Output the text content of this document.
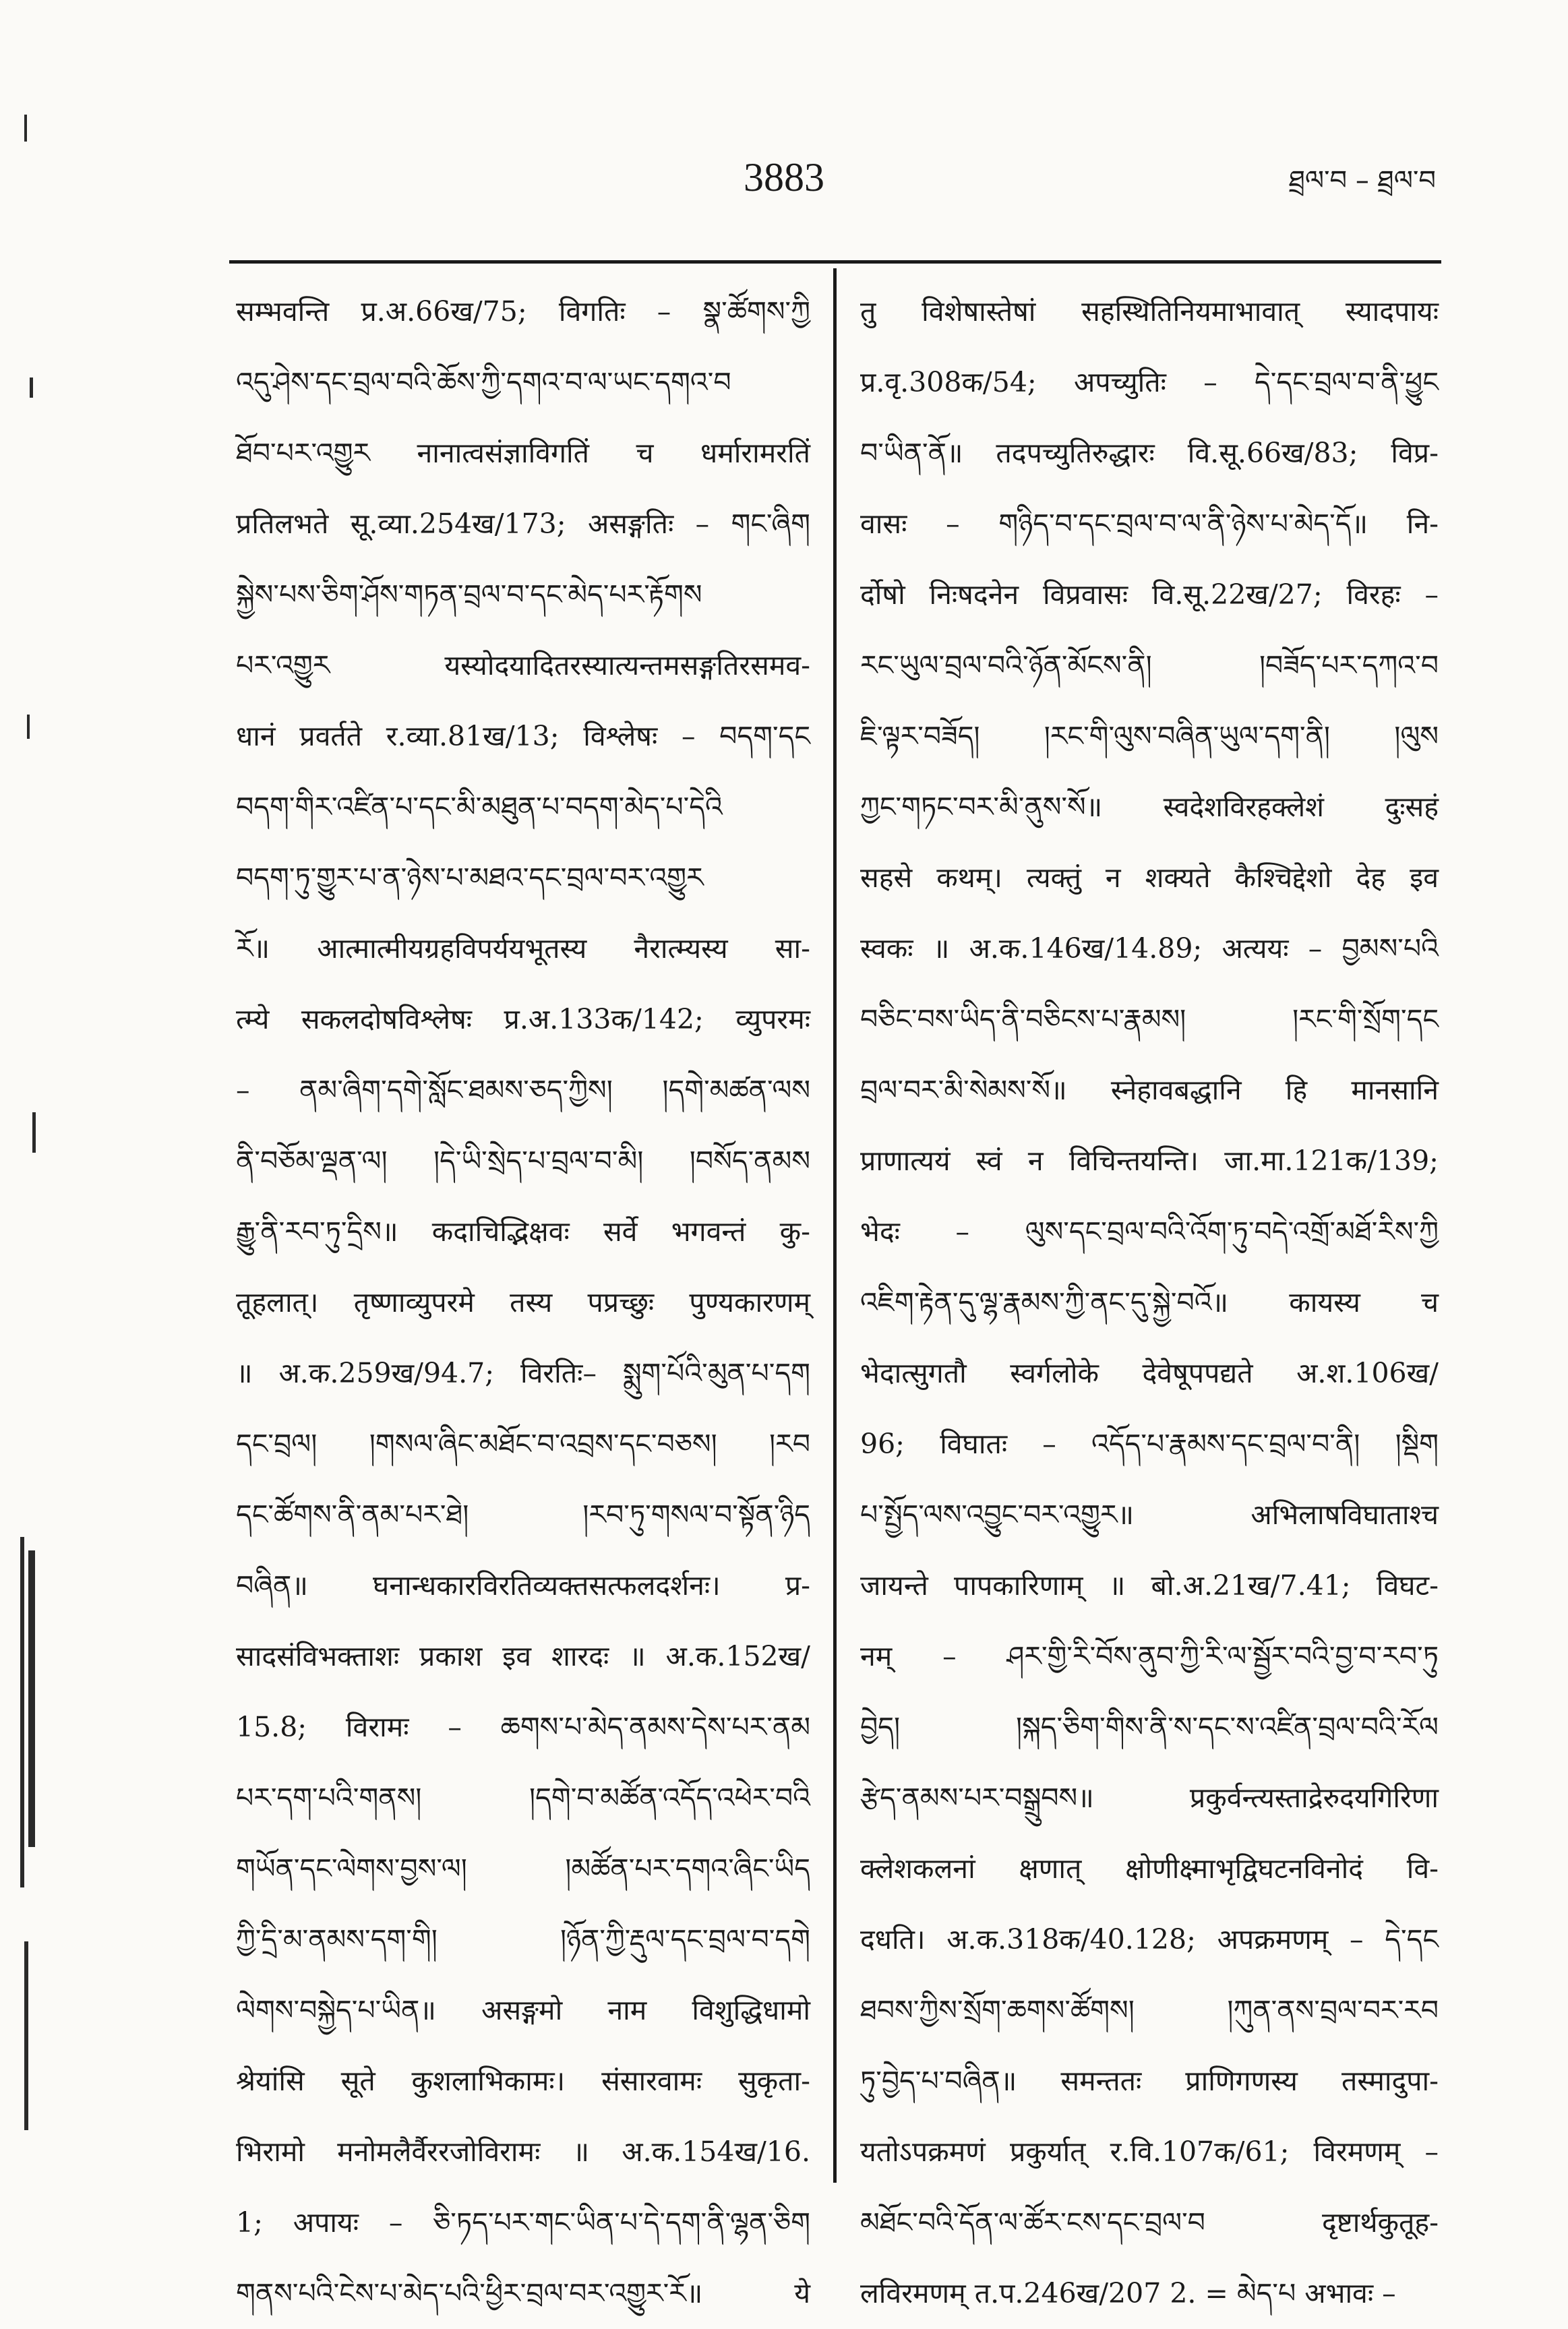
3883	ཐྲལ་བ – ཐྲལ་བ
सम्भवन्ति प्र.अ.66ख/75; विगतिः – སྣ་ཚོགས་ཀྱི
འདུ་ཤེས་དང་བྲལ་བའི་ཆོས་ཀྱི་དགའ་བ་ལ་ཡང་དགའ་བ
ཐོབ་པར་འགྱུར नानात्वसंज्ञाविगतिं च धर्मारामरतिं
प्रतिलभते सू.व्या.254ख/173; असङ्गतिः – གང་ཞིག
སྐྱེས་པས་ཅིག་ཤོས་གཏན་བྲལ་བ་དང་མེད་པར་རྟོགས
པར་འགྱུར यस्योदयादितरस्यात्यन्तमसङ्गतिरसमव-
धानं प्रवर्तते र.व्या.81ख/13; विश्लेषः – བདག་དང
བདག་གིར་འཛིན་པ་དང་མི་མཐུན་པ་བདག་མེད་པ་དེའི
བདག་ཏུ་གྱུར་པ་ན་ཉེས་པ་མཐའ་དང་བྲལ་བར་འགྱུར
རོ॥ आत्मात्मीयग्रहविपर्ययभूतस्य नैरात्म्यस्य सा-
त्म्ये सकलदोषविश्लेषः प्र.अ.133क/142; व्युपरमः
– ནམ་ཞིག་དགེ་སློང་ཐམས་ཅད་ཀྱིས། །དགེ་མཚན་ལས
ནི་བཅོམ་ལྡན་ལ། །དེ་ཡི་སྲེད་པ་བྲལ་བ་མི། །བསོད་ནམས
རྒྱུ་ནི་རབ་ཏུ་དྲིས॥ कदाचिद्भिक्षवः सर्वे भगवन्तं कु-
तूहलात्। तृष्णाव्युपरमे तस्य पप्रच्छुः पुण्यकारणम्
॥ अ.क.259ख/94.7; विरतिः– སྨུག་པོའི་མུན་པ་དག
དང་བྲལ། །གསལ་ཞིང་མཐོང་བ་འབྲས་དང་བཅས། །རབ
དང་ཚོགས་ནི་ནམ་པར་ཐེ། །རབ་ཏུ་གསལ་བ་སྟོན་ཉིད
བཞིན॥ घनान्धकारविरतिव्यक्तसत्फलदर्शनः। प्र-
सादसंविभक्ताशः प्रकाश इव शारदः ॥ अ.क.152ख/
15.8; विरामः – ཆགས་པ་མེད་ནམས་དེས་པར་ནམ
པར་དག་པའི་གནས། །དགེ་བ་མཚོན་འདོད་འཕེར་བའི
གཡོན་དང་ལེགས་བྱས་ལ། །མཚོན་པར་དགའ་ཞིང་ཡིད
ཀྱི་དྲི་མ་ནམས་དག་གི། །ཉོན་ཀྱི་རྡུལ་དང་བྲལ་བ་དགེ
ལེགས་བསྐྱེད་པ་ཡིན॥ असङ्गमो नाम विशुद्धिधामो
श्रेयांसि सूते कुशलाभिकामः। संसारवामः सुकृता-
भिरामो मनोमलैर्वैररजोविरामः ॥ अ.क.154ख/16.
1; अपायः – ཅི་ཏད་པར་གང་ཡིན་པ་དེ་དག་ནི་ལྷན་ཅིག
གནས་པའི་ངེས་པ་མེད་པའི་ཕྱིར་བྲལ་བར་འགྱུར་རོ॥ ये
तु विशेषास्तेषां सहस्थितिनियमाभावात् स्यादपायः
प्र.वृ.308क/54; अपच्युतिः – དེ་དང་བྲལ་བ་ནི་ཕྱུང
བ་ཡིན་ནོ॥ तदपच्युतिरुद्धारः वि.सू.66ख/83; विप्र-
वासः – གཉིད་བ་དང་བྲལ་བ་ལ་ནི་ཉེས་པ་མེད་དོ॥ नि-
र्दोषो निःषदनेन विप्रवासः वि.सू.22ख/27; विरहः –
རང་ཡུལ་བྲལ་བའི་ཉོན་མོངས་ནི། །བཟོད་པར་དཀའ་བ
ཇི་ལྟར་བཟོད། །རང་གི་ལུས་བཞིན་ཡུལ་དག་ནི། །ལུས
ཀྱང་གཏང་བར་མི་ནུས་སོ॥ स्वदेशविरहक्लेशं दुःसहं
सहसे कथम्। त्यक्तुं न शक्यते कैश्चिद्देशो देह इव
स्वकः ॥ अ.क.146ख/14.89; अत्ययः – བྱམས་པའི
བཅིང་བས་ཡིད་ནི་བཅིངས་པ་རྣམས། །རང་གི་སྲོག་དང
བྲལ་བར་མི་སེམས་སོ॥ स्नेहावबद्धानि हि मानसानि
प्राणात्ययं स्वं न विचिन्तयन्ति। जा.मा.121क/139;
भेदः – ལུས་དང་བྲལ་བའི་འོག་ཏུ་བདེ་འགྲོ་མཐོ་རིས་ཀྱི
འཇིག་རྟེན་དུ་ལྷ་རྣམས་ཀྱི་ནང་དུ་སྐྱེ་བའོ॥ कायस्य च
भेदात्सुगतौ स्वर्गलोके देवेषूपपद्यते अ.श.106ख/
96; विघातः – འདོད་པ་རྣམས་དང་བྲལ་བ་ནི། །སྡིག
པ་སྤྱོད་ལས་འབྱུང་བར་འགྱུར॥ अभिलाषविघाताश्च
जायन्ते पापकारिणाम् ॥ बो.अ.21ख/7.41; विघट-
नम् – ཤར་གྱི་རི་བོས་ནུབ་ཀྱི་རི་ལ་སྦྱོར་བའི་བྱ་བ་རབ་ཏུ
བྱེད། །སྐད་ཅིག་གིས་ནི་ས་དང་ས་འཛིན་བྲལ་བའི་རོལ
རྩེད་ནམས་པར་བསྒྲུབས॥ प्रकुर्वन्त्यस्ताद्रेरुदयगिरिणा
क्लेशकलनां क्षणात् क्षोणीक्ष्माभृद्विघटनविनोदं वि-
दधति। अ.क.318क/40.128; अपक्रमणम् – དེ་དང
ཐབས་ཀྱིས་སྲོག་ཆགས་ཚོགས། །ཀུན་ནས་བྲལ་བར་རབ
ཏུ་བྱེད་པ་བཞིན॥ समन्ततः प्राणिगणस्य तस्मादुपा-
यतोऽपक्रमणं प्रकुर्यात् र.वि.107क/61; विरमणम् –
མཐོང་བའི་དོན་ལ་ཚོར་ངས་དང་བྲལ་བ दृष्टार्थकुतूह-
लविरमणम् त.प.246ख/207 2. = མེད་པ अभावः –
